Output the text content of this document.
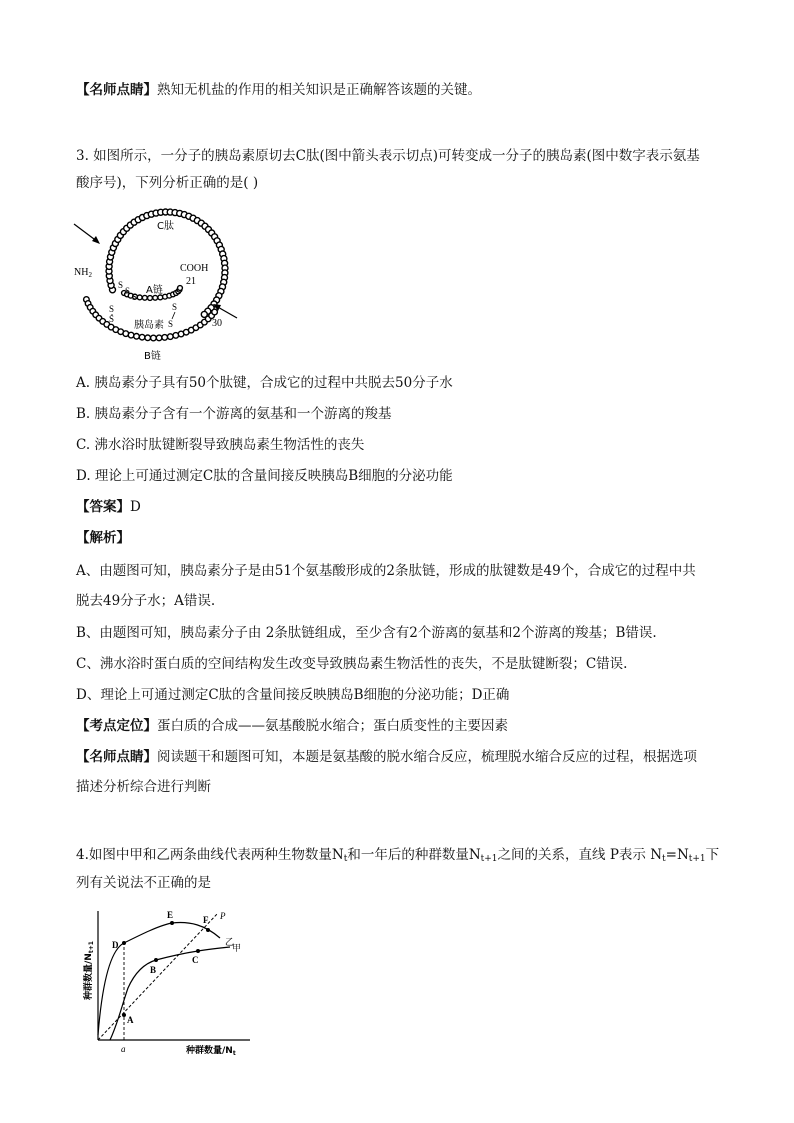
【名师点睛】熟知无机盐的作用的相关知识是正确解答该题的关键。
3. 如图所示，一分子的胰岛素原切去C肽(图中箭头表示切点)可转变成一分子的胰岛素(图中数字表示氨基
酸序号)，下列分析正确的是( )
C肽
$NH_2$
COOH
21
30
A链
胰岛素
B链
S
S
S
S
S
S
S
A. 胰岛素分子具有50个肽键，合成它的过程中共脱去50分子水
B. 胰岛素分子含有一个游离的氨基和一个游离的羧基
C. 沸水浴时肽键断裂导致胰岛素生物活性的丧失
D. 理论上可通过测定C肽的含量间接反映胰岛B细胞的分泌功能
【答案】D
【解析】
A、由题图可知，胰岛素分子是由51个氨基酸形成的2条肽链，形成的肽键数是49个，合成它的过程中共
脱去49分子水；A错误.
B、由题图可知，胰岛素分子由 2条肽链组成，至少含有2个游离的氨基和2个游离的羧基；B错误.
C、沸水浴时蛋白质的空间结构发生改变导致胰岛素生物活性的丧失，不是肽键断裂；C错误.
D、理论上可通过测定C肽的含量间接反映胰岛B细胞的分泌功能；D正确
【考点定位】蛋白质的合成——氨基酸脱水缩合；蛋白质变性的主要因素
【名师点睛】阅读题干和题图可知，本题是氨基酸的脱水缩合反应，梳理脱水缩合反应的过程，根据选项
描述分析综合进行判断
4.如图中甲和乙两条曲线代表两种生物数量$N_t$和一年后的种群数量$N_{t+1}$之间的关系，直线 P表示 $N_t=N_{t+1}$下
列有关说法不正确的是
A
B
C
D
E	F P
乙
甲
a	种群数量$/N_t$
种群数量$/N_{t+1}$
